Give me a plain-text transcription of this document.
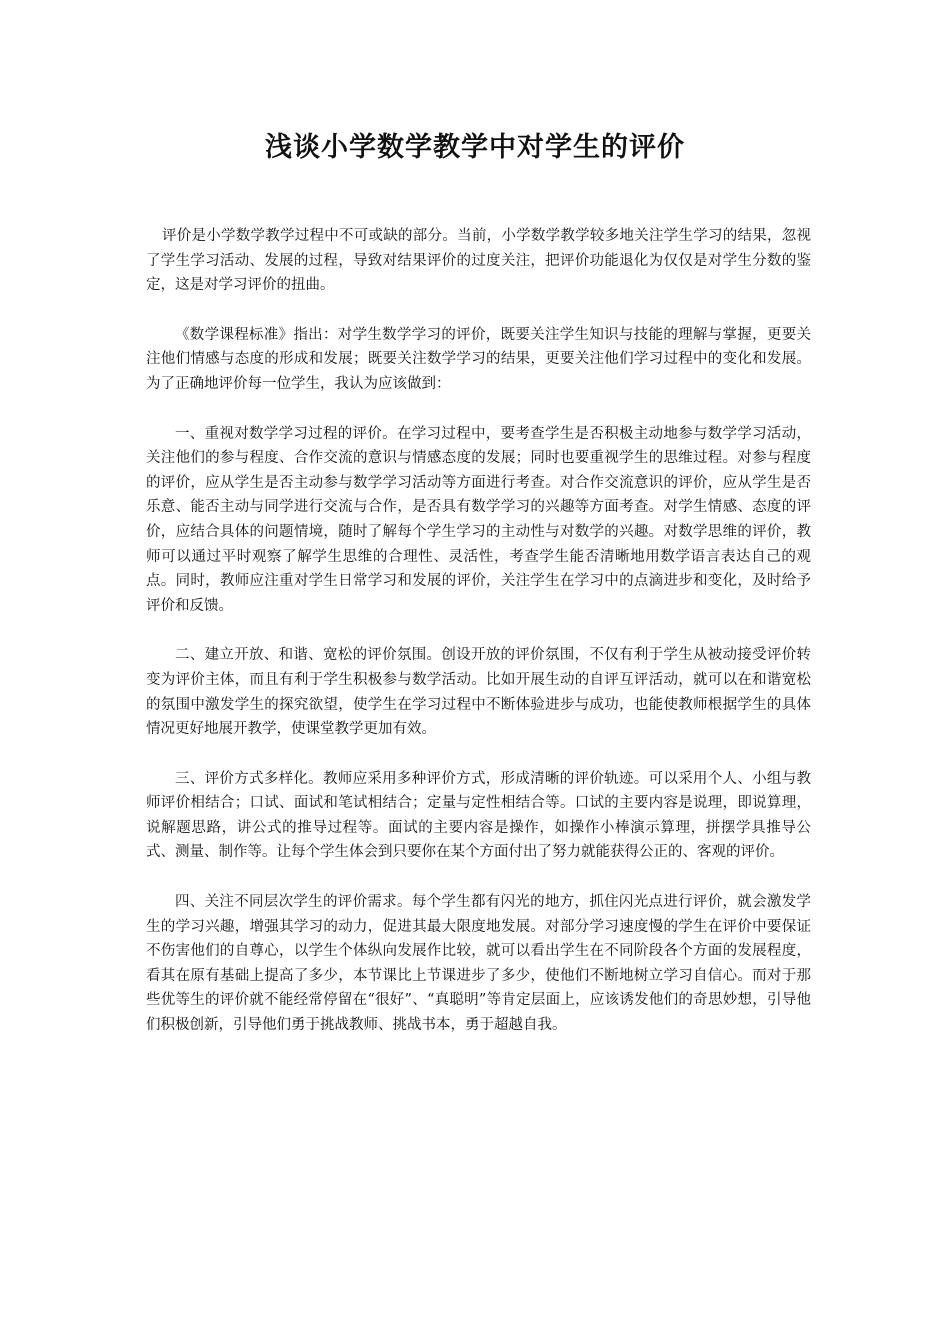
浅谈小学数学教学中对学生的评价

评价是小学数学教学过程中不可或缺的部分。当前，小学数学教学较多地关注学生学习的结果，忽视了学生学习活动、发展的过程，导致对结果评价的过度关注，把评价功能退化为仅仅是对学生分数的鉴定，这是对学习评价的扭曲。

《数学课程标准》指出：对学生数学学习的评价，既要关注学生知识与技能的理解与掌握，更要关注他们情感与态度的形成和发展；既要关注数学学习的结果，更要关注他们学习过程中的变化和发展。为了正确地评价每一位学生，我认为应该做到：

一、重视对数学学习过程的评价。在学习过程中，要考查学生是否积极主动地参与数学学习活动，关注他们的参与程度、合作交流的意识与情感态度的发展；同时也要重视学生的思维过程。对参与程度的评价，应从学生是否主动参与数学学习活动等方面进行考查。对合作交流意识的评价，应从学生是否乐意、能否主动与同学进行交流与合作，是否具有数学学习的兴趣等方面考查。对学生情感、态度的评价，应结合具体的问题情境，随时了解每个学生学习的主动性与对数学的兴趣。对数学思维的评价，教师可以通过平时观察了解学生思维的合理性、灵活性，考查学生能否清晰地用数学语言表达自己的观点。同时，教师应注重对学生日常学习和发展的评价，关注学生在学习中的点滴进步和变化，及时给予评价和反馈。

二、建立开放、和谐、宽松的评价氛围。创设开放的评价氛围，不仅有利于学生从被动接受评价转变为评价主体，而且有利于学生积极参与数学活动。比如开展生动的自评互评活动，就可以在和谐宽松的氛围中激发学生的探究欲望，使学生在学习过程中不断体验进步与成功，也能使教师根据学生的具体情况更好地展开教学，使课堂教学更加有效。

三、评价方式多样化。教师应采用多种评价方式，形成清晰的评价轨迹。可以采用个人、小组与教师评价相结合；口试、面试和笔试相结合；定量与定性相结合等。口试的主要内容是说理，即说算理，说解题思路，讲公式的推导过程等。面试的主要内容是操作，如操作小棒演示算理，拼摆学具推导公式、测量、制作等。让每个学生体会到只要你在某个方面付出了努力就能获得公正的、客观的评价。

四、关注不同层次学生的评价需求。每个学生都有闪光的地方，抓住闪光点进行评价，就会激发学生的学习兴趣，增强其学习的动力，促进其最大限度地发展。对部分学习速度慢的学生在评价中要保证不伤害他们的自尊心，以学生个体纵向发展作比较，就可以看出学生在不同阶段各个方面的发展程度，看其在原有基础上提高了多少，本节课比上节课进步了多少，使他们不断地树立学习自信心。而对于那些优等生的评价就不能经常停留在“很好”、“真聪明”等肯定层面上，应该诱发他们的奇思妙想，引导他们积极创新，引导他们勇于挑战教师、挑战书本，勇于超越自我。
